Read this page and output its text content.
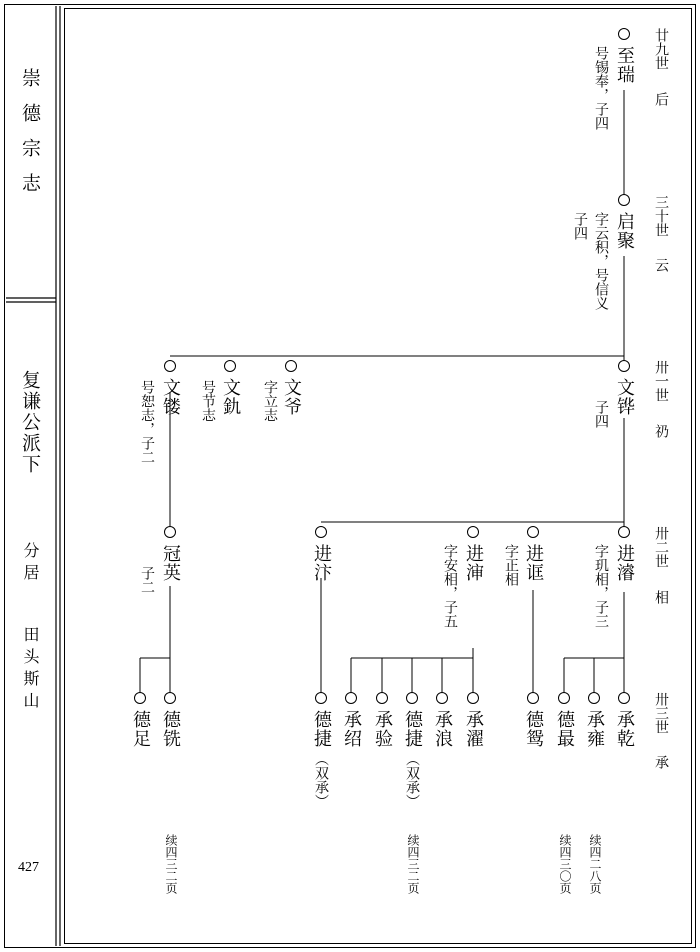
崇德宗志
复谦公派下
分居
田头斯山
427
廿九世
后
三十世
云
卅一世
礽
卅二世
相
卅三世
承
至瑞
号锡奉，子四
启聚
字云积，号信义
子四
文铧
子四
文爷
字立志
文釚
号节志
文镂
号恕志，子二
进濬
字玑相，子三
进诓
字正相
进渖
字安相，子五
进汴
冠英
子二
承乾
承雍
德最
德鸳
承濯
承浪
德捷
（双承）
承验
承绍
德捷
（双承）
德铣
德足
续四二八页
续四三〇页
续四三二页
续四三二页
